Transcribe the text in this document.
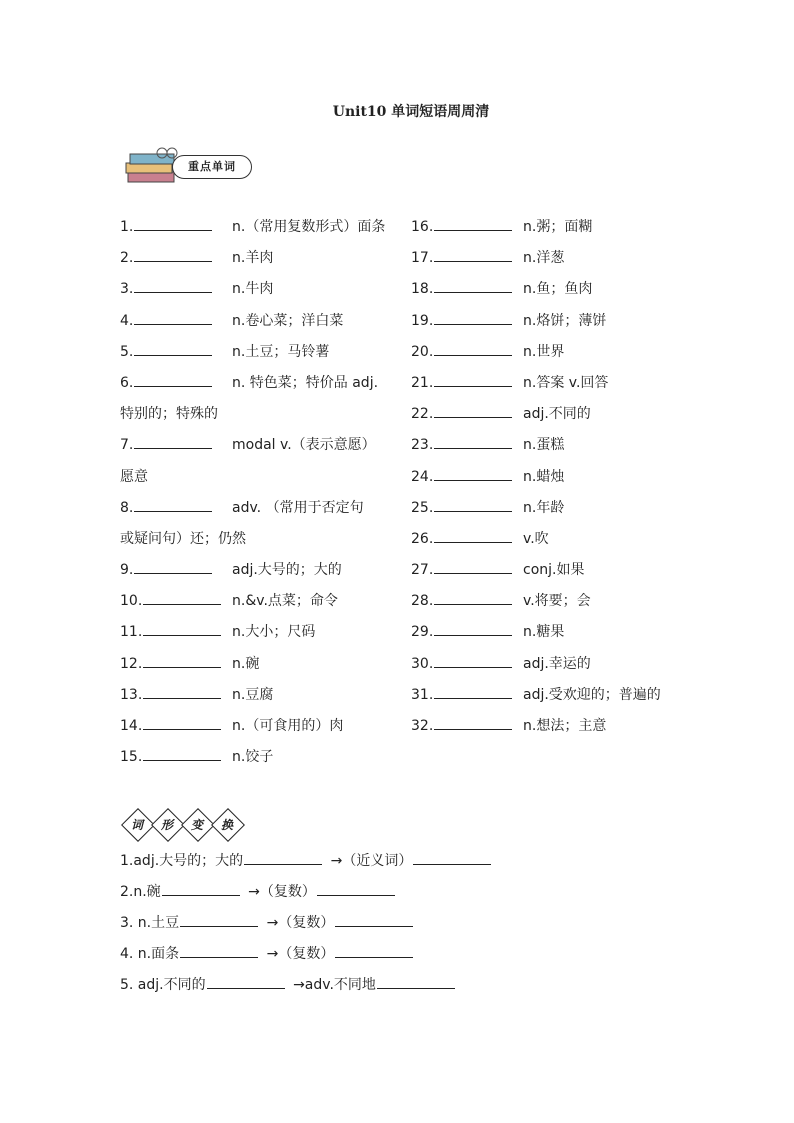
Unit10 单词短语周周清
重点单词
1.	n.（常用复数形式）面条
2.	n.羊肉
3.	n.牛肉
4.	n.卷心菜；洋白菜
5.	n.土豆；马铃薯
6.	n. 特色菜；特价品 adj.
特别的；特殊的
7.	modal v.（表示意愿）
愿意
8.	adv. （常用于否定句
或疑问句）还；仍然
9.	adj.大号的；大的
10.	n.&v.点菜；命令
11.	n.大小；尺码
12.	n.碗
13.	n.豆腐
14.	n.（可食用的）肉
15.	n.饺子
16.	n.粥；面糊
17.	n.洋葱
18.	n.鱼；鱼肉
19.	n.烙饼；薄饼
20.	n.世界
21.	n.答案 v.回答
22.	adj.不同的
23.	n.蛋糕
24.	n.蜡烛
25.	n.年龄
26.	v.吹
27.	conj.如果
28.	v.将要；会
29.	n.糖果
30.	adj.幸运的
31.	adj.受欢迎的；普遍的
32.	n.想法；主意
词	形	变	换
1.adj.大号的；大的	→（近义词）
2.n.碗	→（复数）
3. n.土豆	→（复数）
4. n.面条	→（复数）
5. adj.不同的	→adv.不同地
